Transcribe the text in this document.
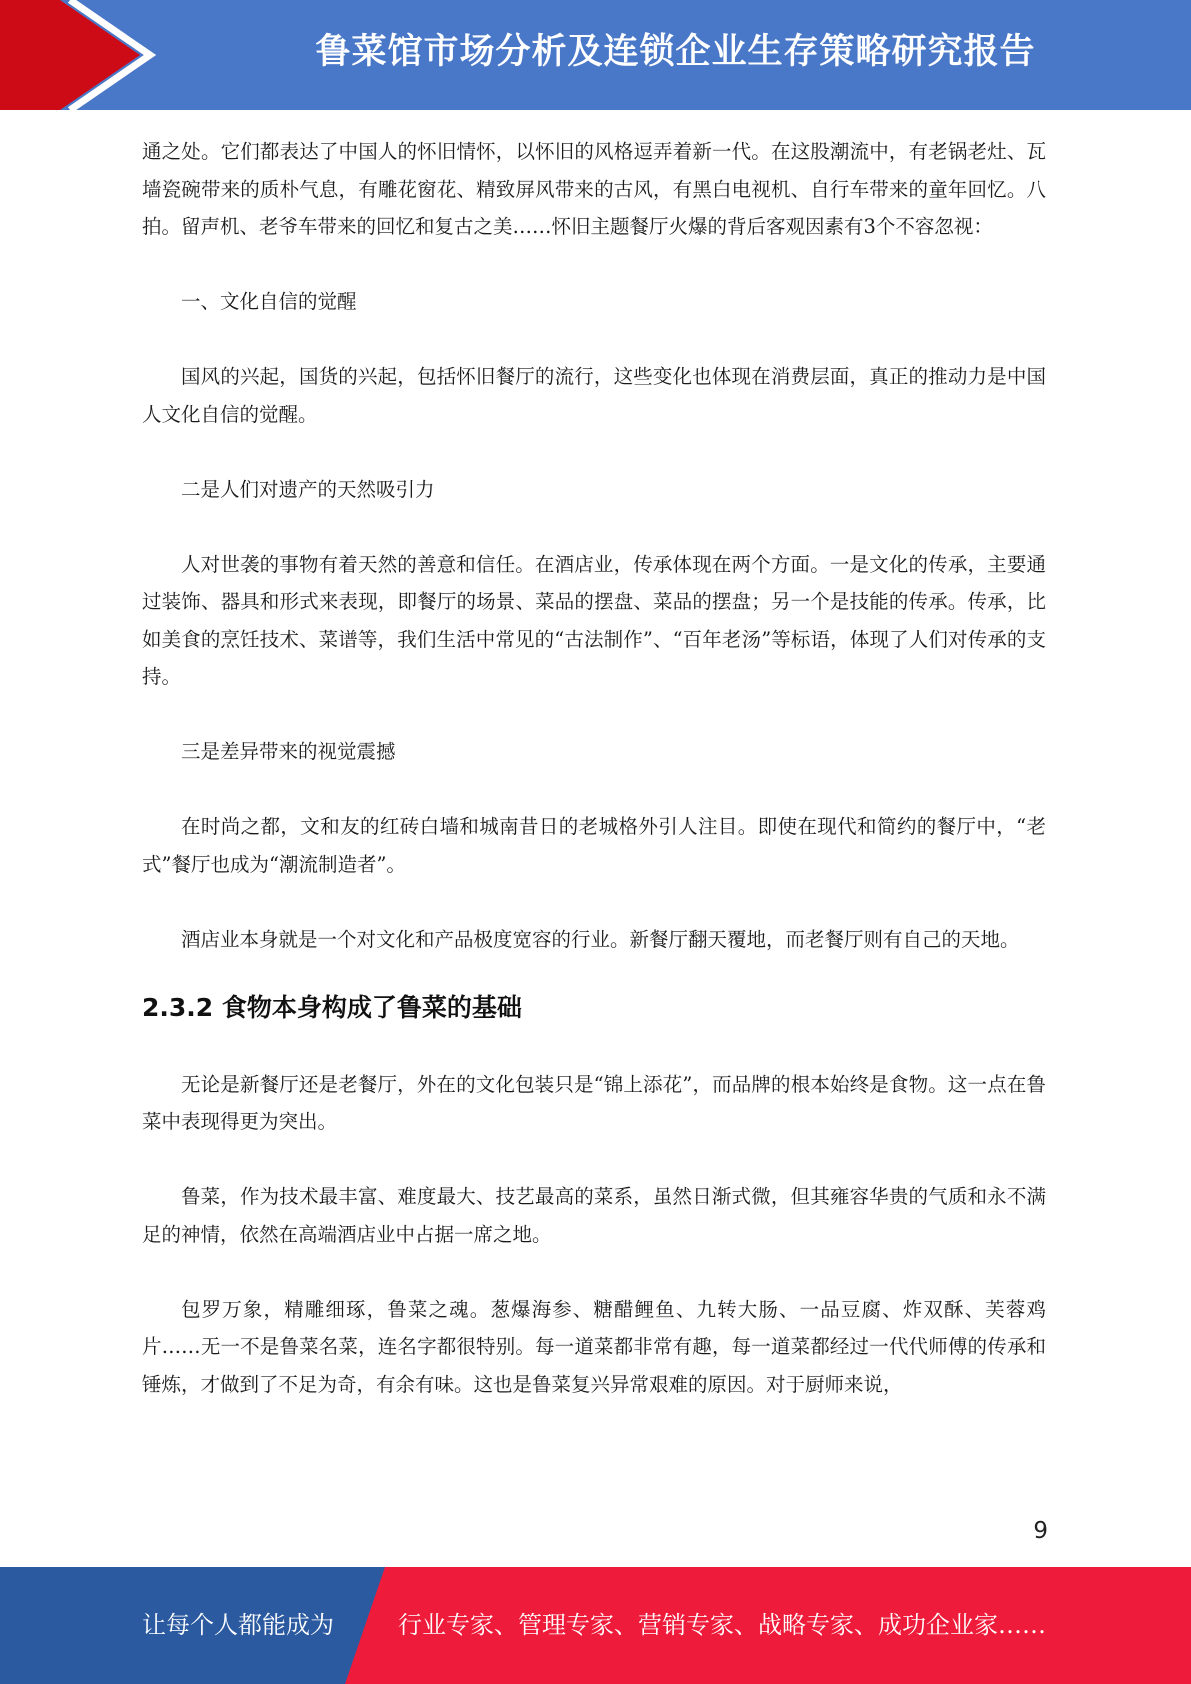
鲁菜馆市场分析及连锁企业生存策略研究报告

通之处。它们都表达了中国人的怀旧情怀，以怀旧的风格逗弄着新一代。在这股潮流中，有老锅老灶、瓦墙瓷碗带来的质朴气息，有雕花窗花、精致屏风带来的古风，有黑白电视机、自行车带来的童年回忆。八拍。留声机、老爷车带来的回忆和复古之美……怀旧主题餐厅火爆的背后客观因素有3个不容忽视：

一、文化自信的觉醒

国风的兴起，国货的兴起，包括怀旧餐厅的流行，这些变化也体现在消费层面，真正的推动力是中国人文化自信的觉醒。

二是人们对遗产的天然吸引力

人对世袭的事物有着天然的善意和信任。在酒店业，传承体现在两个方面。一是文化的传承，主要通过装饰、器具和形式来表现，即餐厅的场景、菜品的摆盘、菜品的摆盘；另一个是技能的传承。传承，比如美食的烹饪技术、菜谱等，我们生活中常见的“古法制作”、“百年老汤”等标语，体现了人们对传承的支持。

三是差异带来的视觉震撼

在时尚之都，文和友的红砖白墙和城南昔日的老城格外引人注目。即使在现代和简约的餐厅中，“老式”餐厅也成为“潮流制造者”。

酒店业本身就是一个对文化和产品极度宽容的行业。新餐厅翻天覆地，而老餐厅则有自己的天地。

2.3.2 食物本身构成了鲁菜的基础

无论是新餐厅还是老餐厅，外在的文化包装只是“锦上添花”，而品牌的根本始终是食物。这一点在鲁菜中表现得更为突出。

鲁菜，作为技术最丰富、难度最大、技艺最高的菜系，虽然日渐式微，但其雍容华贵的气质和永不满足的神情，依然在高端酒店业中占据一席之地。

包罗万象，精雕细琢，鲁菜之魂。葱爆海参、糖醋鲤鱼、九转大肠、一品豆腐、炸双酥、芙蓉鸡片……无一不是鲁菜名菜，连名字都很特别。每一道菜都非常有趣，每一道菜都经过一代代师傅的传承和锤炼，才做到了不足为奇，有余有味。这也是鲁菜复兴异常艰难的原因。对于厨师来说，

9
让每个人都能成为	行业专家、管理专家、营销专家、战略专家、成功企业家……
